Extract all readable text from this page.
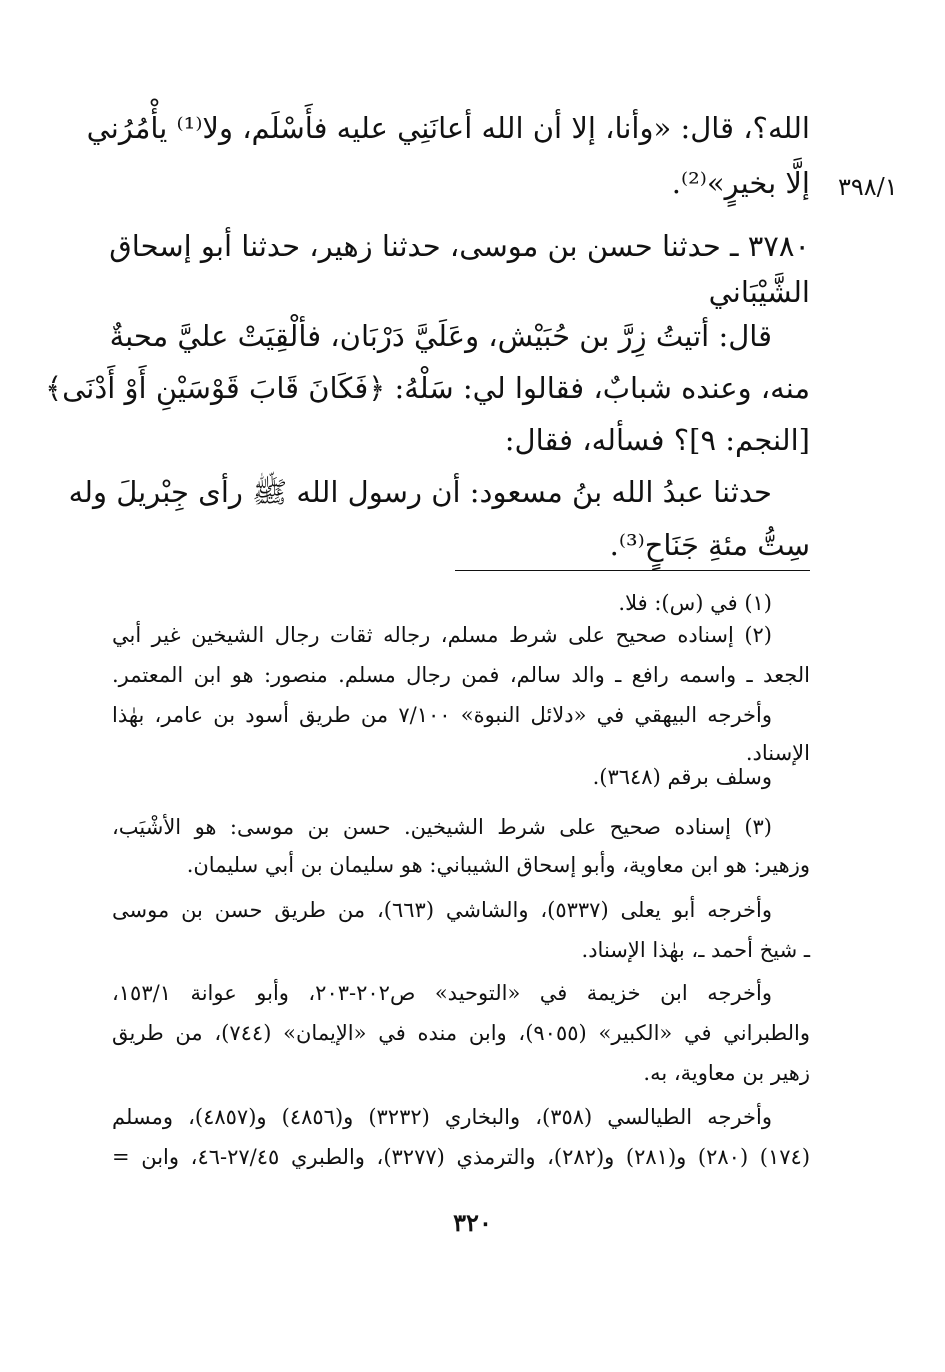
٣٩٨/١

الله؟، قال: «وأنا، إلا أن الله أعانَنِي عليه فأَسْلَم، ولا⁽¹⁾ يأْمُرُني

إلَّا بخيرٍ»⁽²⁾.

٣٧٨٠ ـ حدثنا حسن بن موسى، حدثنا زهير، حدثنا أبو إسحاق

الشَّيْبَاني

قال: أتيتُ زِرَّ بن حُبَيْش، وعَلَيَّ دَرْبَان، فألْقِيَتْ عليَّ محبةٌ

منه، وعنده شبابٌ، فقالوا لي: سَلْهُ: ﴿فَكَانَ قَابَ قَوْسَيْنِ أَوْ أَدْنَى﴾

[النجم: ٩]؟ فسأله، فقال:

حدثنا عبدُ الله بنُ مسعود: أن رسول الله ﷺ رأى جِبْريلَ وله

سِتُّ مئةِ جَنَاحٍ⁽³⁾.

(١) في (س): فلا.

(٢) إسناده صحيح على شرط مسلم، رجاله ثقات رجال الشيخين غير أبي

الجعد ـ واسمه رافع ـ والد سالم، فمن رجال مسلم. منصور: هو ابن المعتمر.

وأخرجه البيهقي في «دلائل النبوة» ٧/١٠٠ من طريق أسود بن عامر، بهٰذا

الإسناد.

وسلف برقم (٣٦٤٨).

(٣) إسناده صحيح على شرط الشيخين. حسن بن موسى: هو الأشْيَب،

وزهير: هو ابن معاوية، وأبو إسحاق الشيباني: هو سليمان بن أبي سليمان.

وأخرجه أبو يعلى (٥٣٣٧)، والشاشي (٦٦٣)، من طريق حسن بن موسى

ـ شيخ أحمد ـ، بهٰذا الإسناد.

وأخرجه ابن خزيمة في «التوحيد» ص٢٠٢-٢٠٣، وأبو عوانة ١٥٣/١،

والطبراني في «الكبير» (٩٠٥٥)، وابن منده في «الإيمان» (٧٤٤)، من طريق

زهير بن معاوية، به.

وأخرجه الطيالسي (٣٥٨)، والبخاري (٣٢٣٢) و(٤٨٥٦) و(٤٨٥٧)، ومسلم

(١٧٤) (٢٨٠) و(٢٨١) و(٢٨٢)، والترمذي (٣٢٧٧)، والطبري ٢٧/٤٥-٤٦، وابن =

٣٢٠
